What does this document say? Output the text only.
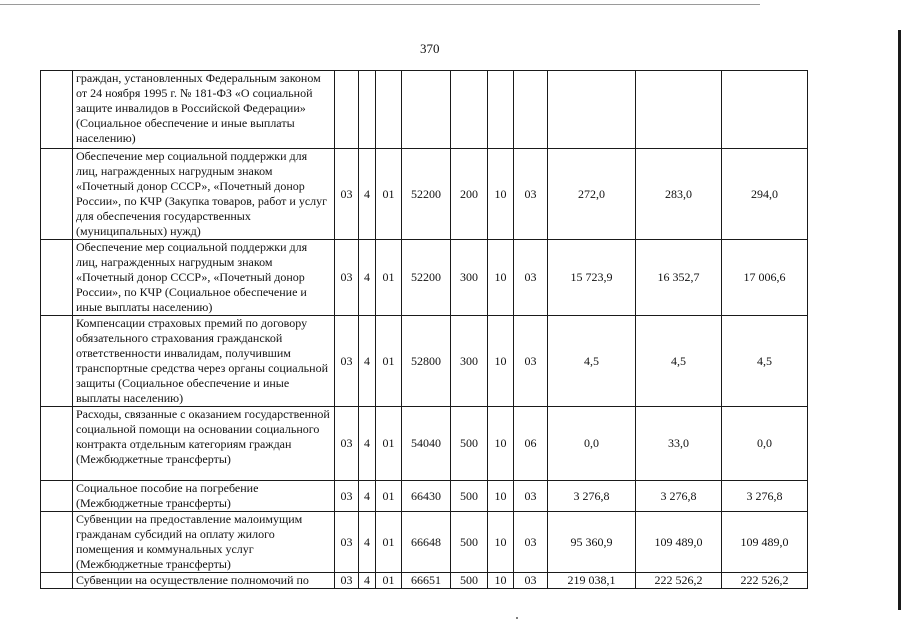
370
	граждан, установленных Федеральным законом от 24 ноября 1995 г. № 181-ФЗ «О социальной защите инвалидов в Российской Федерации» (Социальное обеспечение и иные выплаты населению)										
	Обеспечение мер социальной поддержки для лиц, награжденных нагрудным знаком «Почетный донор СССР», «Почетный донор России», по КЧР (Закупка товаров, работ и услуг для обеспечения государственных (муниципальных) нужд)	03	4	01	52200	200	10	03	272,0	283,0	294,0
	Обеспечение мер социальной поддержки для лиц, награжденных нагрудным знаком «Почетный донор СССР», «Почетный донор России», по КЧР (Социальное обеспечение и иные выплаты населению)	03	4	01	52200	300	10	03	15 723,9	16 352,7	17 006,6
	Компенсации страховых премий по договору обязательного страхования гражданской ответственности инвалидам, получившим транспортные средства через органы социальной защиты (Социальное обеспечение и иные выплаты населению)	03	4	01	52800	300	10	03	4,5	4,5	4,5
	Расходы, связанные с оказанием государственной социальной помощи на основании социального контракта отдельным категориям граждан (Межбюджетные трансферты)	03	4	01	54040	500	10	06	0,0	33,0	0,0
	Социальное пособие на погребение (Межбюджетные трансферты)	03	4	01	66430	500	10	03	3 276,8	3 276,8	3 276,8
	Субвенции на предоставление малоимущим гражданам субсидий на оплату жилого помещения и коммунальных услуг (Межбюджетные трансферты)	03	4	01	66648	500	10	03	95 360,9	109 489,0	109 489,0
	Субвенции на осуществление полномочий по	03	4	01	66651	500	10	03	219 038,1	222 526,2	222 526,2
